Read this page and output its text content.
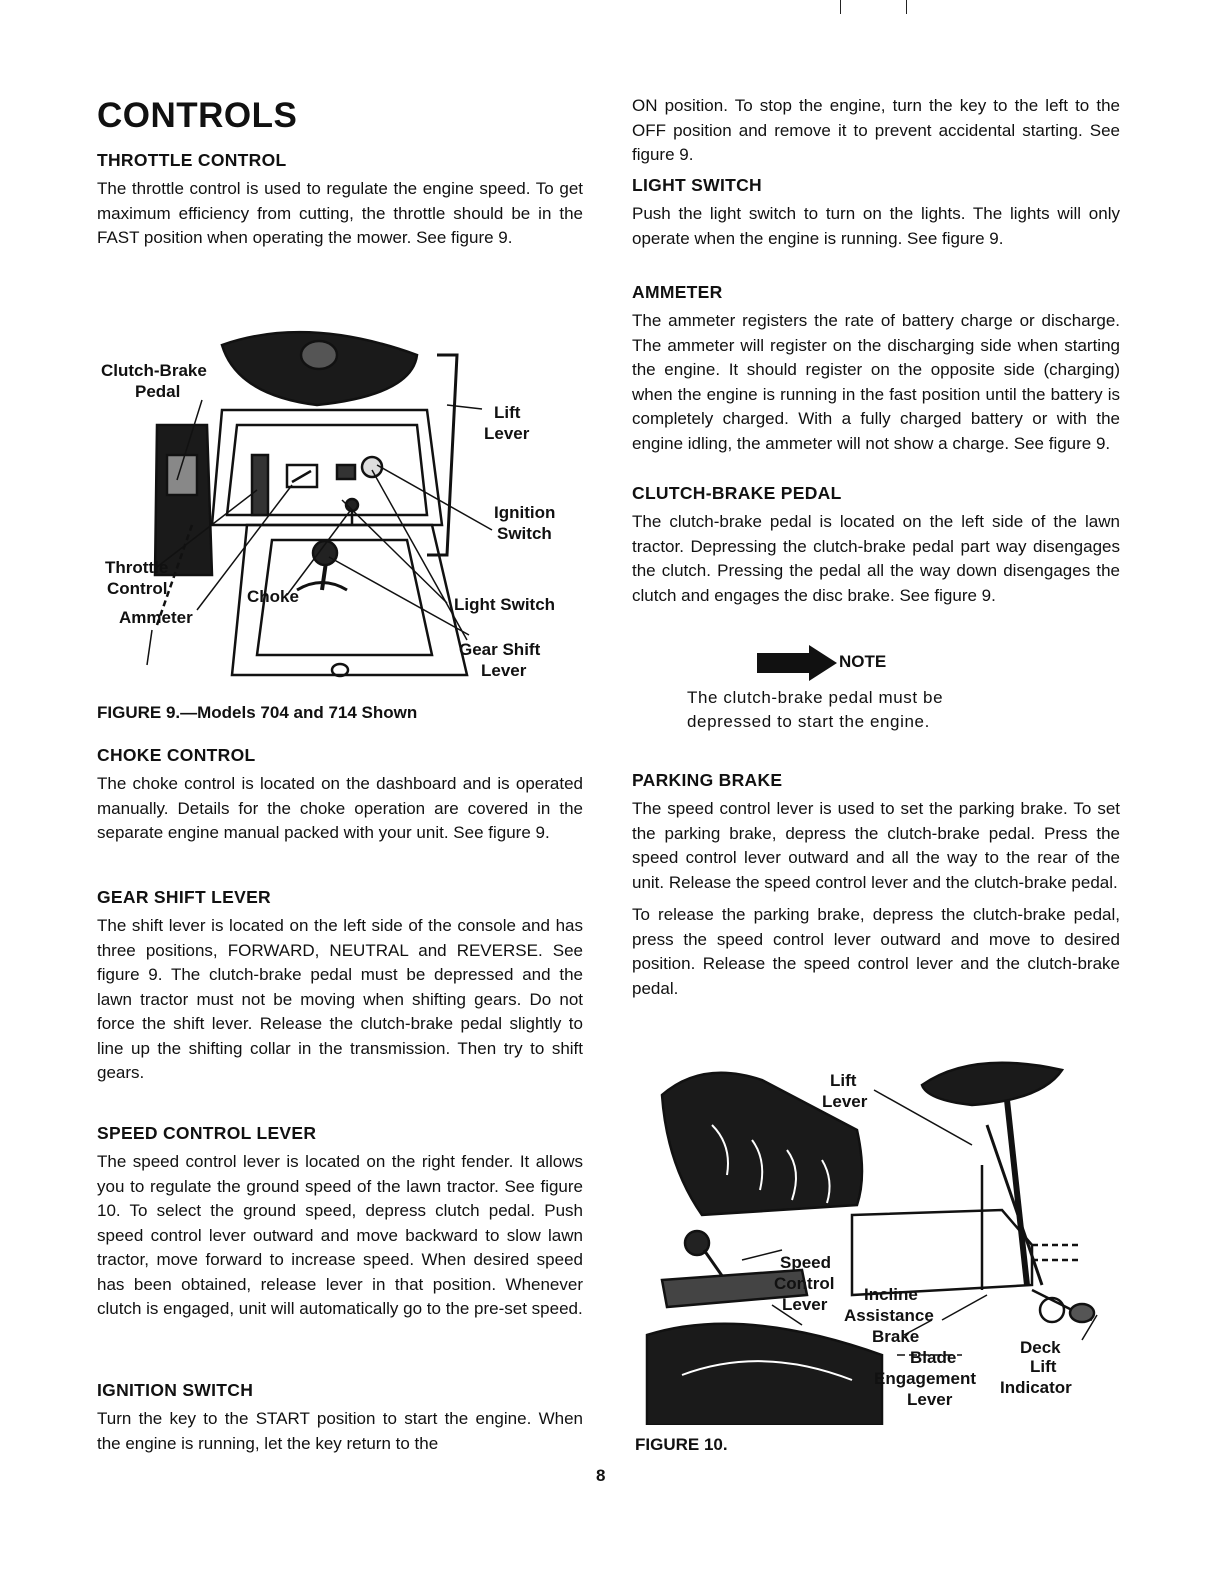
CONTROLS
THROTTLE CONTROL

The throttle control is used to regulate the engine speed. To get maximum efficiency from cutting, the throttle should be in the FAST position when operating the mower. See figure 9.

Clutch-Brake
Pedal
Lift
Lever
Ignition
Switch
Throttle
Control
Ammeter
Choke	Light Switch
Gear Shift
Lever
FIGURE 9.—Models 704 and 714 Shown
CHOKE CONTROL

The choke control is located on the dashboard and is operated manually. Details for the choke operation are covered in the separate engine manual packed with your unit. See figure 9.

GEAR SHIFT LEVER

The shift lever is located on the left side of the console and has three positions, FORWARD, NEUTRAL and REVERSE. See figure 9. The clutch-brake pedal must be depressed and the lawn tractor must not be moving when shifting gears. Do not force the shift lever. Release the clutch-brake pedal slightly to line up the shifting collar in the transmission. Then try to shift gears.

SPEED CONTROL LEVER

The speed control lever is located on the right fender. It allows you to regulate the ground speed of the lawn tractor. See figure 10. To select the ground speed, depress clutch pedal. Push speed control lever outward and move backward to slow lawn tractor, move forward to increase speed. When desired speed has been obtained, release lever in that position. Whenever clutch is engaged, unit will automatically go to the pre-set speed.

IGNITION SWITCH

Turn the key to the START position to start the engine. When the engine is running, let the key return to the

ON position. To stop the engine, turn the key to the left to the OFF position and remove it to prevent accidental starting. See figure 9.

LIGHT SWITCH

Push the light switch to turn on the lights. The lights will only operate when the engine is running. See figure 9.

AMMETER

The ammeter registers the rate of battery charge or discharge. The ammeter will register on the discharging side when starting the engine. It should register on the opposite side (charging) when the engine is running in the fast position until the battery is completely charged. With a fully charged battery or with the engine idling, the ammeter will not show a charge. See figure 9.

CLUTCH-BRAKE PEDAL

The clutch-brake pedal is located on the left side of the lawn tractor. Depressing the clutch-brake pedal part way disengages the clutch. Pressing the pedal all the way down disengages the clutch and engages the disc brake. See figure 9.

NOTE
The clutch-brake pedal must be
depressed to start the engine.
PARKING BRAKE

The speed control lever is used to set the parking brake. To set the parking brake, depress the clutch-brake pedal. Press the speed control lever outward and all the way to the rear of the unit. Release the speed control lever and the clutch-brake pedal.

To release the parking brake, depress the clutch-brake pedal, press the speed control lever outward and move to desired position. Release the speed control lever and the clutch-brake pedal.

Lift
Lever
Speed
Control
Lever
Incline
Assistance
Brake
Blade
Engagement
Lever
Deck
Lift
Indicator
FIGURE 10.
8
